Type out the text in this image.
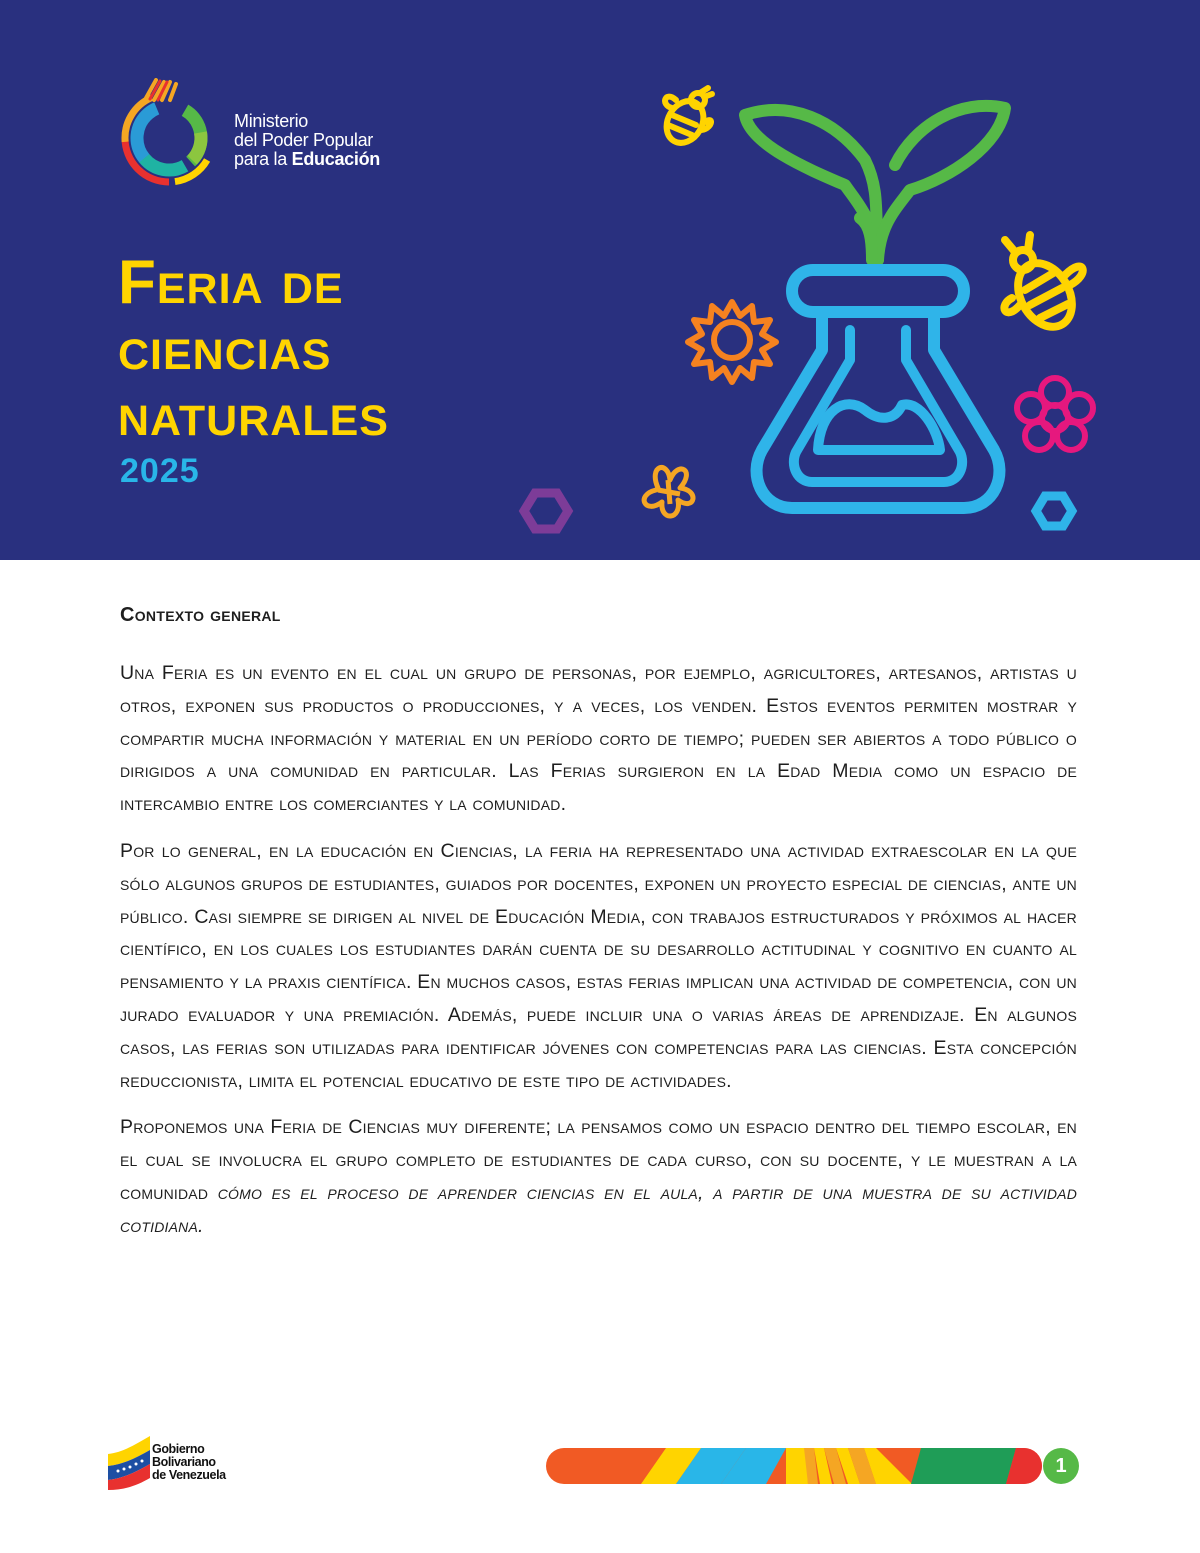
Ministerio
del Poder Popular
para la Educación
Feria de
ciencias
naturales
2025
Contexto general

Una Feria es un evento en el cual un grupo de personas, por ejemplo, agricultores, artesanos, artistas u otros, exponen sus productos o producciones, y a veces, los venden. Estos eventos permiten mostrar y compartir mucha información y material en un período corto de tiempo; pueden ser abiertos a todo público o dirigidos a una comunidad en particular. Las Ferias surgieron en la Edad Media como un espacio de intercambio entre los comerciantes y la comunidad.

Por lo general, en la educación en Ciencias, la feria ha representado una actividad extraescolar en la que sólo algunos grupos de estudiantes, guiados por docentes, exponen un proyecto especial de ciencias, ante un público. Casi siempre se dirigen al nivel de Educación Media, con trabajos estructurados y próximos al hacer científico, en los cuales los estudiantes darán cuenta de su desarrollo actitudinal y cognitivo en cuanto al pensamiento y la praxis científica. En muchos casos, estas ferias implican una actividad de competencia, con un jurado evaluador y una premiación. Además, puede incluir una o varias áreas de aprendizaje. En algunos casos, las ferias son utilizadas para identificar jóvenes con competencias para las ciencias. Esta concepción reduccionista, limita el potencial educativo de este tipo de actividades.

Proponemos una Feria de Ciencias muy diferente; la pensamos como un espacio dentro del tiempo escolar, en el cual se involucra el grupo completo de estudiantes de cada curso, con su docente, y le muestran a la comunidad cómo es el proceso de aprender ciencias en el aula, a partir de una muestra de su actividad cotidiana.

Gobierno
Bolivariano
de Venezuela	1
